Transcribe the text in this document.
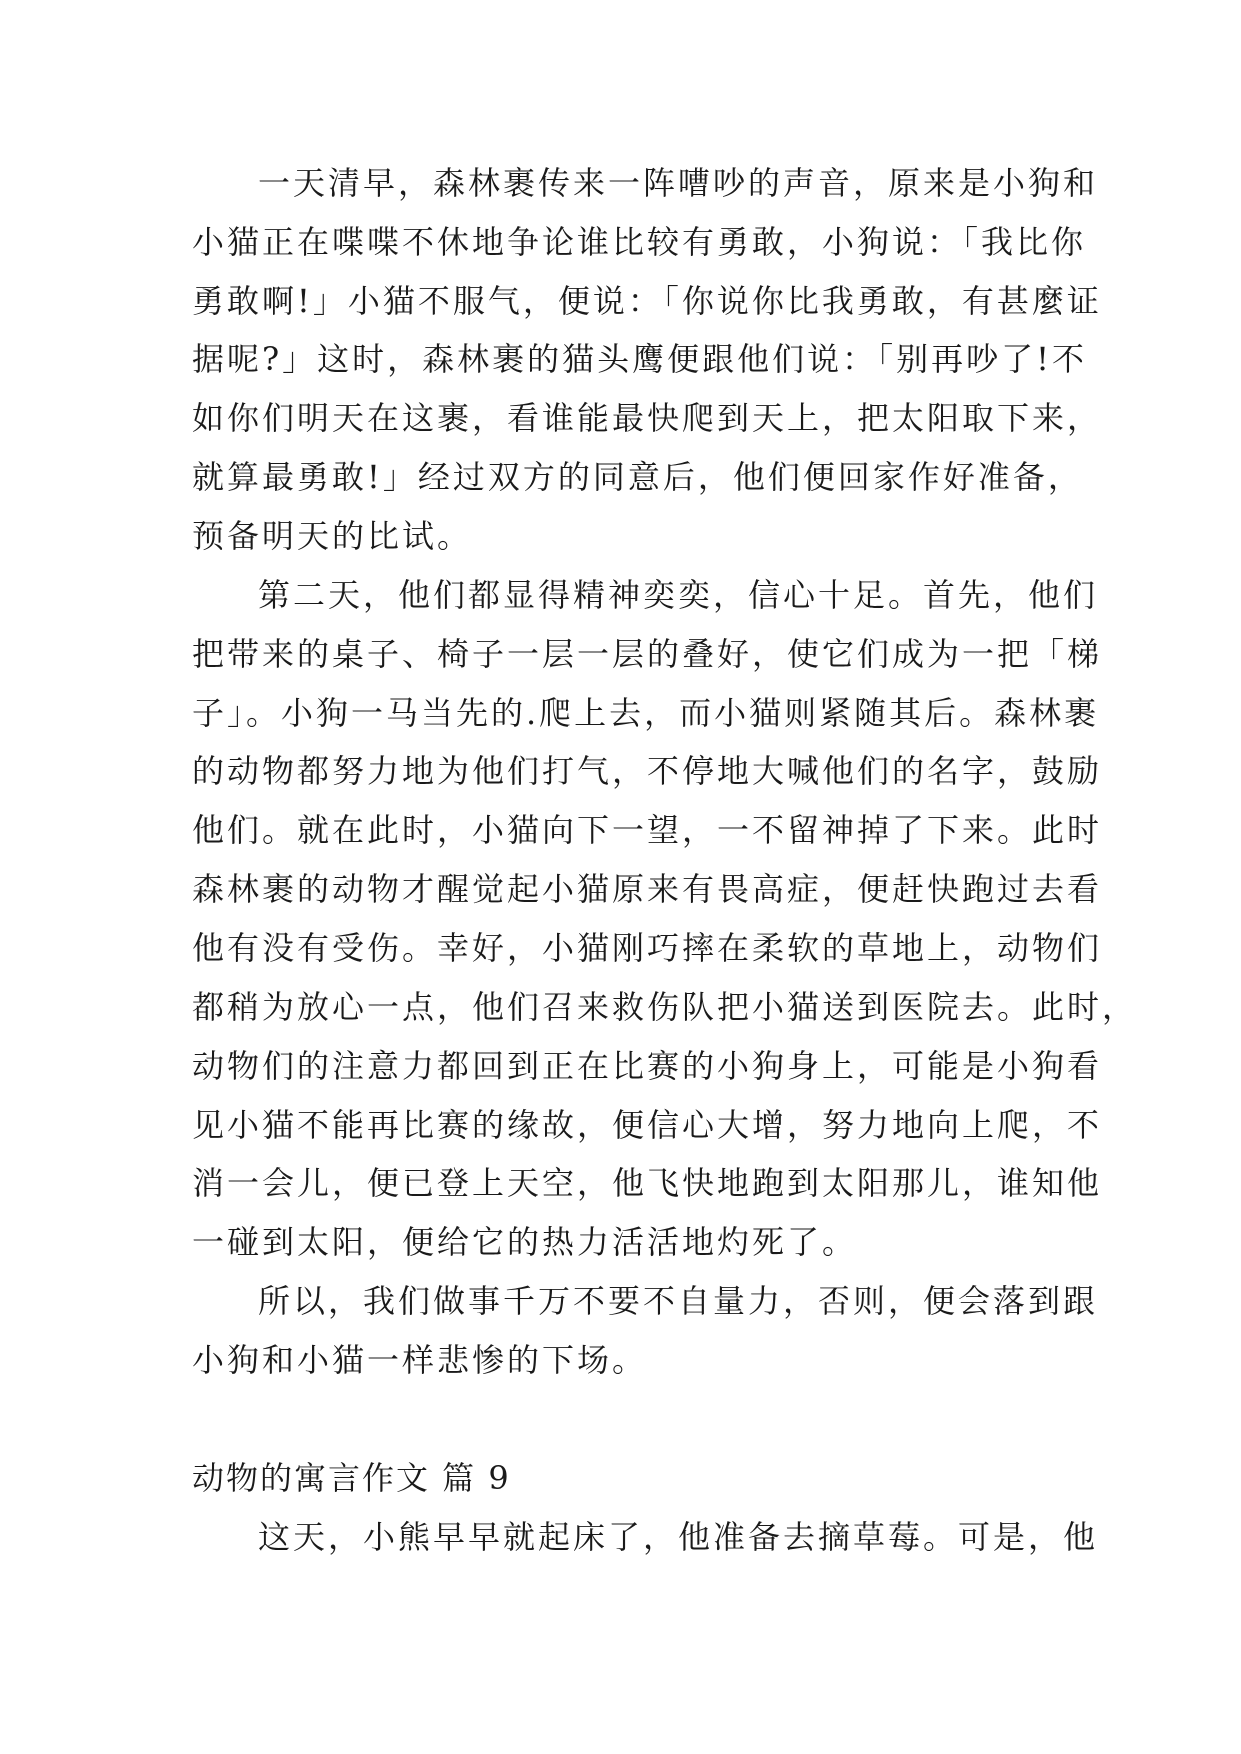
一天清早，森林裹传来一阵嘈吵的声音，原来是小狗和
小猫正在喋喋不休地争论谁比较有勇敢，小狗说：「我比你
勇敢啊!」小猫不服气，便说：「你说你比我勇敢，有甚麼证
据呢?」这时，森林裹的猫头鹰便跟他们说：「别再吵了!不
如你们明天在这裹，看谁能最快爬到天上，把太阳取下来，
就算最勇敢!」经过双方的同意后，他们便回家作好准备，
预备明天的比试。
第二天，他们都显得精神奕奕，信心十足。首先，他们
把带来的桌子、椅子一层一层的叠好，使它们成为一把「梯
子」。小狗一马当先的.爬上去，而小猫则紧随其后。森林裹
的动物都努力地为他们打气，不停地大喊他们的名字，鼓励
他们。就在此时，小猫向下一望，一不留神掉了下来。此时
森林裹的动物才醒觉起小猫原来有畏高症，便赶快跑过去看
他有没有受伤。幸好，小猫刚巧摔在柔软的草地上，动物们
都稍为放心一点，他们召来救伤队把小猫送到医院去。此时，
动物们的注意力都回到正在比赛的小狗身上，可能是小狗看
见小猫不能再比赛的缘故，便信心大增，努力地向上爬，不
消一会儿，便已登上天空，他飞快地跑到太阳那儿，谁知他
一碰到太阳，便给它的热力活活地灼死了。
所以，我们做事千万不要不自量力，否则，便会落到跟
小狗和小猫一样悲惨的下场。
动物的寓言作文 篇 9
这天，小熊早早就起床了，他准备去摘草莓。可是，他
